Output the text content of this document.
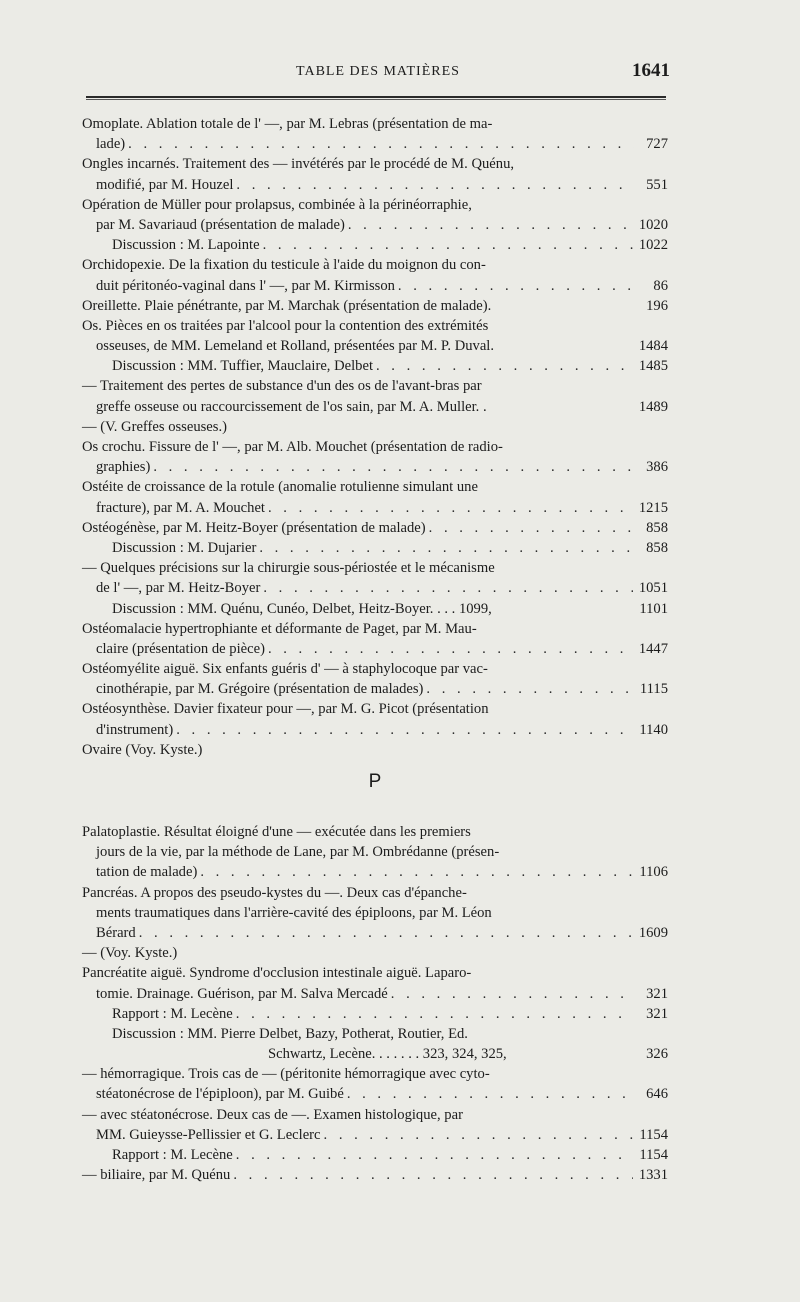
TABLE DES MATIÈRES	1641
Omoplate. Ablation totale de l' —, par M. Lebras (présentation de ma-
lade) . . .	727
Ongles incarnés. Traitement des — invétérés par le procédé de M. Quénu,
modifié, par M. Houzel . . .	551
Opération de Müller pour prolapsus, combinée à la périnéorraphie,
par M. Savariaud (présentation de malade) . . .	1020
Discussion : M. Lapointe . . .	1022
Orchidopexie. De la fixation du testicule à l'aide du moignon du con-
duit péritonéo-vaginal dans l' —, par M. Kirmisson . . .	86
Oreillette. Plaie pénétrante, par M. Marchak (présentation de malade).	196
Os. Pièces en os traitées par l'alcool pour la contention des extrémités
osseuses, de MM. Lemeland et Rolland, présentées par M. P. Duval.	1484
Discussion : MM. Tuffier, Mauclaire, Delbet . . .	1485
— Traitement des pertes de substance d'un des os de l'avant-bras par
greffe osseuse ou raccourcissement de l'os sain, par M. A. Muller. .	1489
— (V. Greffes osseuses.)
Os crochu. Fissure de l' —, par M. Alb. Mouchet (présentation de radio-
graphies) . . .	386
Ostéite de croissance de la rotule (anomalie rotulienne simulant une
fracture), par M. A. Mouchet . . .	1215
Ostéogénèse, par M. Heitz-Boyer (présentation de malade) . . .	858
Discussion : M. Dujarier . . .	858
— Quelques précisions sur la chirurgie sous-périostée et le mécanisme
de l' —, par M. Heitz-Boyer . . .	1051
Discussion : MM. Quénu, Cunéo, Delbet, Heitz-Boyer. . . . 1099,	1101
Ostéomalacie hypertrophiante et déformante de Paget, par M. Mau-
claire (présentation de pièce) . . .	1447
Ostéomyélite aiguë. Six enfants guéris d' — à staphylocoque par vac-
cinothérapie, par M. Grégoire (présentation de malades) . . .	1115
Ostéosynthèse. Davier fixateur pour —, par M. G. Picot (présentation
d'instrument) . . .	1140
Ovaire (Voy. Kyste.)
P
Palatoplastie. Résultat éloigné d'une — exécutée dans les premiers
jours de la vie, par la méthode de Lane, par M. Ombrédanne (présen-
tation de malade) . . .	1106
Pancréas. A propos des pseudo-kystes du —. Deux cas d'épanche-
ments traumatiques dans l'arrière-cavité des épiploons, par M. Léon
Bérard . . .	1609
— (Voy. Kyste.)
Pancréatite aiguë. Syndrome d'occlusion intestinale aiguë. Laparo-
tomie. Drainage. Guérison, par M. Salva Mercadé . . .	321
Rapport : M. Lecène . . .	321
Discussion : MM. Pierre Delbet, Bazy, Potherat, Routier, Ed.
Schwartz, Lecène. . . . . . . 323, 324, 325,	326
— hémorragique. Trois cas de — (péritonite hémorragique avec cyto-
stéatonécrose de l'épiploon), par M. Guibé . . .	646
— avec stéatonécrose. Deux cas de —. Examen histologique, par
MM. Guieysse-Pellissier et G. Leclerc . . .	1154
Rapport : M. Lecène . . .	1154
— biliaire, par M. Quénu . . .	1331
